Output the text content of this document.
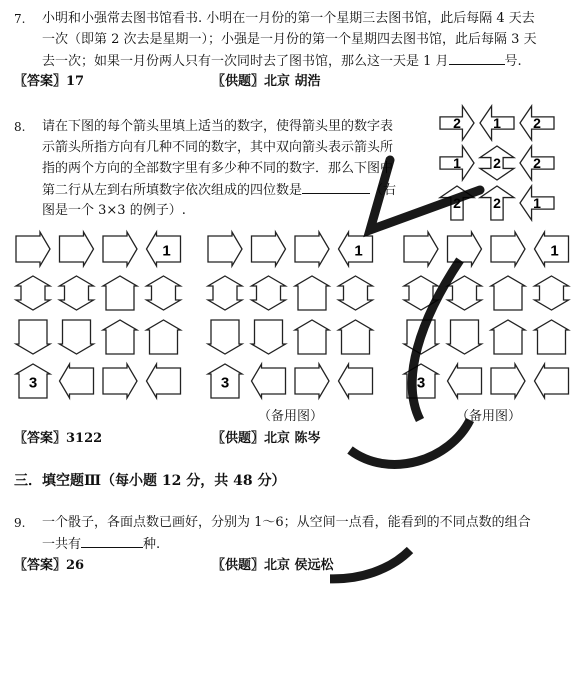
7. 小明和小强常去图书馆看书. 小明在一月份的第一个星期三去图书馆，此后每隔 4 天去
一次（即第 2 次去是星期一）；小强是一月份的第一个星期四去图书馆，此后每隔 3 天
去一次；如果一月份两人只有一次同时去了图书馆，那么这一天是 1 月	号.
〖答案〗17	〖供题〗北京 胡浩
8. 请在下图的每个箭头里填上适当的数字，使得箭头里的数字表
示箭头所指方向有几种不同的数字，其中双向箭头表示箭头所
指的两个方向的全部数字里有多少种不同的数字．那么下图中
第二行从左到右所填数字依次组成的四位数是	（右
图是一个 3×3 的例子）.
2 1 2
1 2 2
2 2 1
1
3
1
3
1
3
（备用图）	（备用图）
〖答案〗3122	〖供题〗北京 陈岑
三．填空题Ⅲ（每小题 12 分，共 48 分）
9. 一个骰子，各面点数已画好，分别为 1～6；从空间一点看，能看到的不同点数的组合
一共有	种.
〖答案〗26	〖供题〗北京 侯远松
